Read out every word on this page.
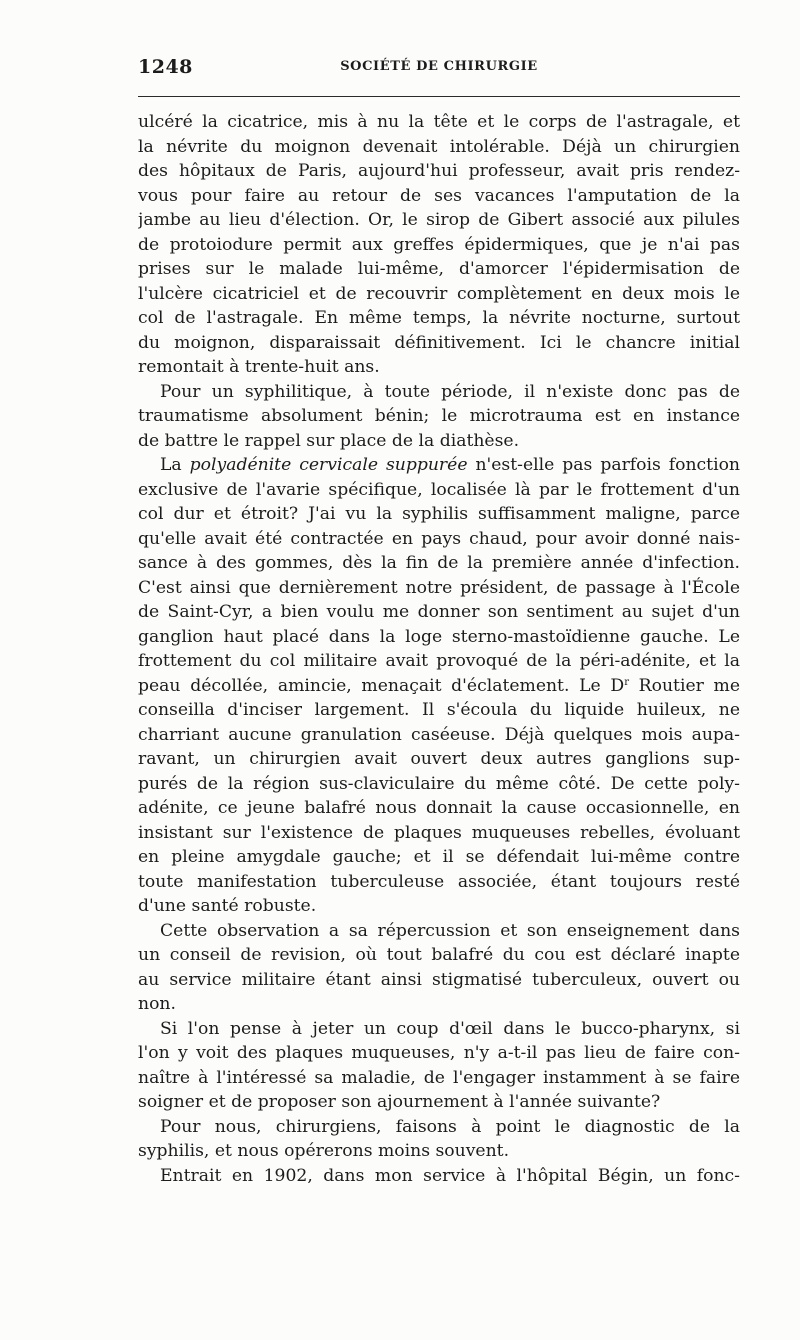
1248	SOCIÉTÉ DE CHIRURGIE
ulcéré la cicatrice, mis à nu la tête et le corps de l'astragale, et
la névrite du moignon devenait intolérable. Déjà un chirurgien
des hôpitaux de Paris, aujourd'hui professeur, avait pris rendez-
vous pour faire au retour de ses vacances l'amputation de la
jambe au lieu d'élection. Or, le sirop de Gibert associé aux pilules
de protoiodure permit aux greffes épidermiques, que je n'ai pas
prises sur le malade lui-même, d'amorcer l'épidermisation de
l'ulcère cicatriciel et de recouvrir complètement en deux mois le
col de l'astragale. En même temps, la névrite nocturne, surtout
du moignon, disparaissait définitivement. Ici le chancre initial
remontait à trente-huit ans.
Pour un syphilitique, à toute période, il n'existe donc pas de
traumatisme absolument bénin; le microtrauma est en instance
de battre le rappel sur place de la diathèse.
La polyadénite cervicale suppurée n'est-elle pas parfois fonction
exclusive de l'avarie spécifique, localisée là par le frottement d'un
col dur et étroit? J'ai vu la syphilis suffisamment maligne, parce
qu'elle avait été contractée en pays chaud, pour avoir donné nais-
sance à des gommes, dès la fin de la première année d'infection.
C'est ainsi que dernièrement notre président, de passage à l'École
de Saint-Cyr, a bien voulu me donner son sentiment au sujet d'un
ganglion haut placé dans la loge sterno-mastoïdienne gauche. Le
frottement du col militaire avait provoqué de la péri-adénite, et la
peau décollée, amincie, menaçait d'éclatement. Le $D^r$ Routier me
conseilla d'inciser largement. Il s'écoula du liquide huileux, ne
charriant aucune granulation caséeuse. Déjà quelques mois aupa-
ravant, un chirurgien avait ouvert deux autres ganglions sup-
purés de la région sus-claviculaire du même côté. De cette poly-
adénite, ce jeune balafré nous donnait la cause occasionnelle, en
insistant sur l'existence de plaques muqueuses rebelles, évoluant
en pleine amygdale gauche; et il se défendait lui-même contre
toute manifestation tuberculeuse associée, étant toujours resté
d'une santé robuste.
Cette observation a sa répercussion et son enseignement dans
un conseil de revision, où tout balafré du cou est déclaré inapte
au service militaire étant ainsi stigmatisé tuberculeux, ouvert ou
non.
Si l'on pense à jeter un coup d'œil dans le bucco-pharynx, si
l'on y voit des plaques muqueuses, n'y a-t-il pas lieu de faire con-
naître à l'intéressé sa maladie, de l'engager instamment à se faire
soigner et de proposer son ajournement à l'année suivante?
Pour nous, chirurgiens, faisons à point le diagnostic de la
syphilis, et nous opérerons moins souvent.
Entrait en 1902, dans mon service à l'hôpital Bégin, un fonc-
